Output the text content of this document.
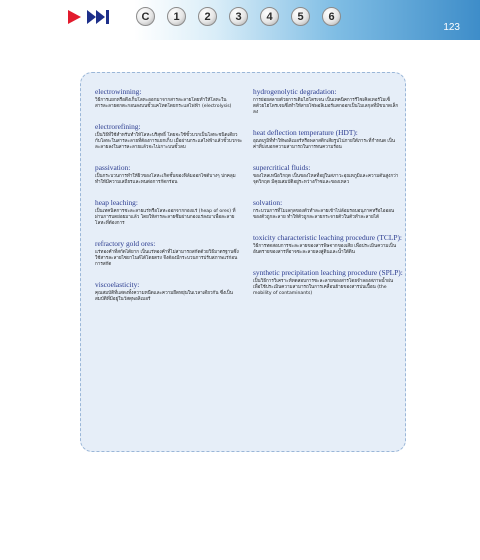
C	1	2	3	4	5	6
123
electrowinning:
วิธีการแยกหรือดึงเก็บโลหะออกมาจากสารละลายโดยทำให้โลหะในสารละลายตกตะกอนลงบนขั้วแคโทดโดยกระแสไฟฟ้า (electrolysis)
electrorefining:
เป็นวิธีที่ใช้สำหรับทำให้โลหะบริสุทธิ์ โดยจะใช้ขั้วบวกเป็นโลหะชนิดเดียวกับโลหะในสารละลายที่ต้องการแยกเก็บ เมื่อผ่านกระแสไฟฟ้าแล้วขั้วบวกจะละลายลงในสารละลายแล้วจะไปเกาะบนขั้วลบ
passivation:
เป็นกระบวนการทำให้ผิวของโลหะเกิดชั้นของฟิล์มออกไซด์บางๆ ปกคลุม ทำให้มีความเสถียรและทนต่อการกัดกร่อน
heap leaching:
เป็นเทคนิคการชะละลายแร่หรือโลหะออกจากกองแร่ (heap of ores) ที่ผ่านการบดย่อยมาแล้ว โดยให้สารละลายซึมผ่านกองแร่ลงมาเพื่อละลายโลหะที่ต้องการ
refractory gold ores:
แร่ทองคำที่สกัดได้ยาก เป็นแร่ทองคำที่ไม่สามารถสกัดด้วยวิธีมาตรฐานซึ่งใช้สารละลายไซยาไนด์ได้โดยตรง จึงต้องมีกระบวนการปรับสภาพแร่ก่อนการสกัด
viscoelasticity:
คุณสมบัติที่แสดงทั้งความหนืดและความยืดหยุ่นในเวลาเดียวกัน ซึ่งเป็นสมบัติที่มีอยู่ในวัสดุพอลิเมอร์
hydrogenolytic degradation:
การย่อยสลายด้วยการเติมไฮโดรเจน เป็นเทคนิคการรีไซเคิลเทอร์โมเซ็ตด้วยไฮโดรเจนซึ่งทำให้สายโซ่พอลิเมอร์แตกออกเป็นโมเลกุลที่มีขนาดเล็กลง
heat deflection temperature (HDT):
อุณหภูมิที่ทำให้พอลิเมอร์หรือพลาสติกเสียรูปไปภายใต้ภาระที่กำหนด เป็นค่าที่บ่งบอกความสามารถในการทนความร้อน
supercritical fluids:
ของไหลเหนือวิกฤต เป็นของไหลที่อยู่ในสภาวะอุณหภูมิและความดันสูงกว่าจุดวิกฤต มีคุณสมบัติอยู่ระหว่างก๊าซและของเหลว
solvation:
กระบวนการที่โมเลกุลของตัวทำละลายเข้าไปล้อมรอบอนุภาคหรือไอออนของตัวถูกละลาย ทำให้ตัวถูกละลายกระจายตัวในตัวทำละลายได้
toxicity characteristic leaching procedure (TCLP):
วิธีการทดสอบการชะละลายของสารพิษจากของเสีย เพื่อประเมินความเป็นอันตรายของสารที่อาจชะละลายลงสู่ดินและน้ำใต้ดิน
synthetic precipitation leaching procedure (SPLP):
เป็นวิธีการวิเคราะห์ทดสอบการชะละลายของสารโดยจำลองสภาพน้ำฝน เพื่อใช้ประเมินความสามารถในการเคลื่อนย้ายของสารปนเปื้อน (the mobility of contaminants)
